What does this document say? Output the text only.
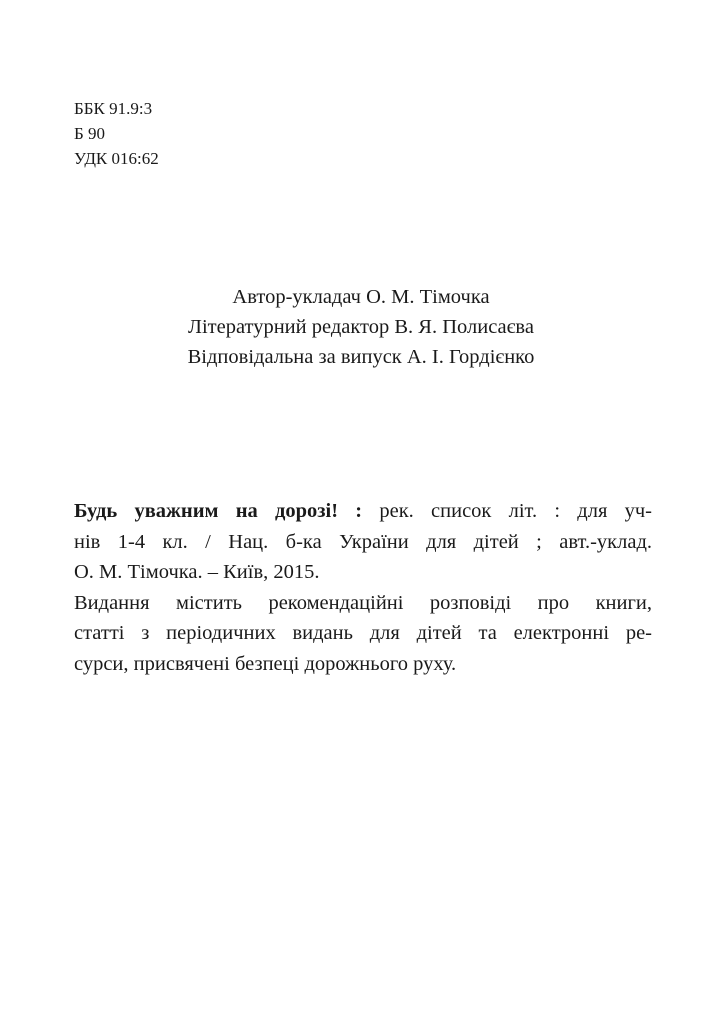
ББК 91.9:3
Б 90
УДК 016:62
Автор-укладач О. М. Тімочка
Літературний редактор В. Я. Полисаєва
Відповідальна за випуск А. І. Гордієнко
Будь уважним на дорозі! : рек. список літ. : для уч-
нів 1-4 кл. / Нац. б-ка України для дітей ; авт.-уклад.
О. М. Тімочка. – Київ, 2015.
Видання містить рекомендаційні розповіді про книги,
статті з періодичних видань для дітей та електронні ре-
сурси, присвячені безпеці дорожнього руху.
